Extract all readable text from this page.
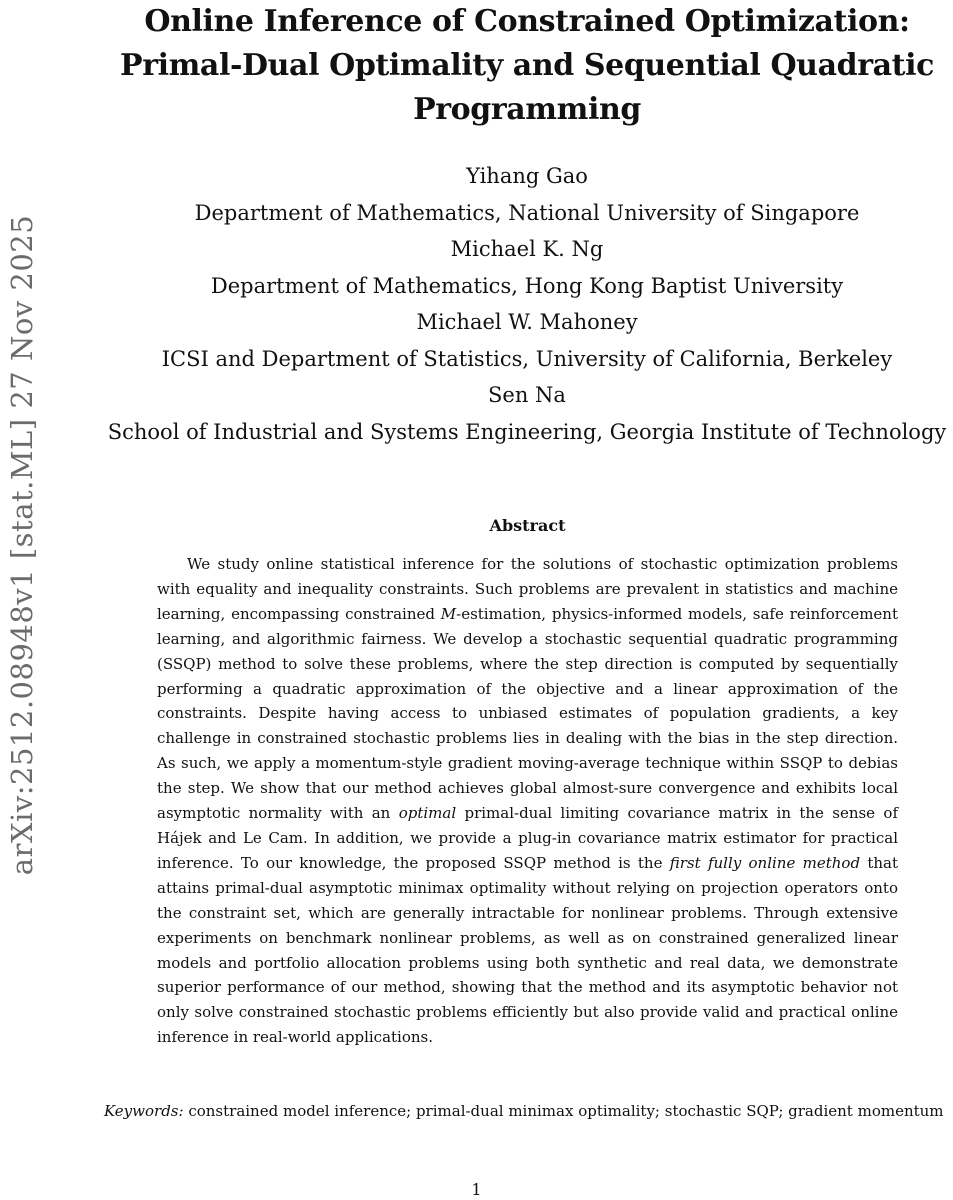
arXiv:2512.08948v1 [stat.ML] 27 Nov 2025
Online Inference of Constrained Optimization:
Primal-Dual Optimality and Sequential Quadratic
Programming
Yihang Gao
Department of Mathematics, National University of Singapore
Michael K. Ng
Department of Mathematics, Hong Kong Baptist University
Michael W. Mahoney
ICSI and Department of Statistics, University of California, Berkeley
Sen Na
School of Industrial and Systems Engineering, Georgia Institute of Technology
Abstract

We study online statistical inference for the solutions of stochastic optimization problems with equality and inequality constraints. Such problems are prevalent in statistics and machine learning, encompassing constrained M-estimation, physics-informed models, safe reinforcement learning, and algorithmic fairness. We develop a stochastic sequential quadratic programming (SSQP) method to solve these problems, where the step direction is computed by sequentially performing a quadratic approximation of the objective and a linear approximation of the constraints. Despite having access to unbiased estimates of population gradients, a key challenge in constrained stochastic problems lies in dealing with the bias in the step direction. As such, we apply a momentum-style gradient moving-average technique within SSQP to debias the step. We show that our method achieves global almost-sure convergence and exhibits local asymptotic normality with an optimal primal-dual limiting covariance matrix in the sense of Hájek and Le Cam. In addition, we provide a plug-in covariance matrix estimator for practical inference. To our knowledge, the proposed SSQP method is the first fully online method that attains primal-dual asymptotic minimax optimality without relying on projection operators onto the constraint set, which are generally intractable for nonlinear problems. Through extensive experiments on benchmark nonlinear problems, as well as on constrained generalized linear models and portfolio allocation problems using both synthetic and real data, we demonstrate superior performance of our method, showing that the method and its asymptotic behavior not only solve constrained stochastic problems efficiently but also provide valid and practical online inference in real-world applications.

Keywords: constrained model inference; primal-dual minimax optimality; stochastic SQP; gradient momentum

1
